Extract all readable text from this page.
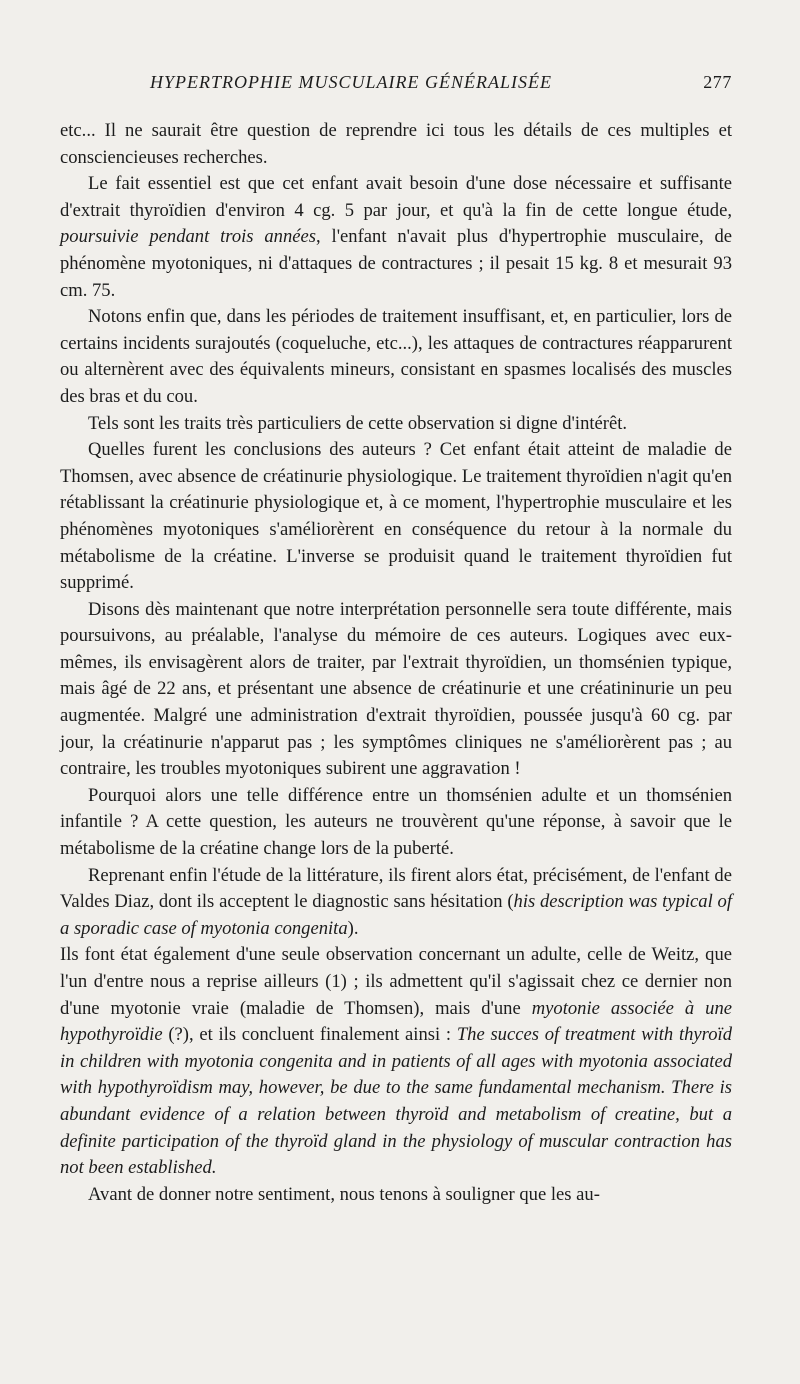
HYPERTROPHIE MUSCULAIRE GÉNÉRALISÉE	277

etc... Il ne saurait être question de reprendre ici tous les détails de ces multiples et consciencieuses recherches.

Le fait essentiel est que cet enfant avait besoin d'une dose nécessaire et suffisante d'extrait thyroïdien d'environ 4 cg. 5 par jour, et qu'à la fin de cette longue étude, poursuivie pendant trois années, l'enfant n'avait plus d'hypertrophie musculaire, de phénomène myotoniques, ni d'attaques de contractures ; il pesait 15 kg. 8 et mesurait 93 cm. 75.

Notons enfin que, dans les périodes de traitement insuffisant, et, en particulier, lors de certains incidents surajoutés (coqueluche, etc...), les attaques de contractures réapparurent ou alternèrent avec des équivalents mineurs, consistant en spasmes localisés des muscles des bras et du cou.

Tels sont les traits très particuliers de cette observation si digne d'intérêt.

Quelles furent les conclusions des auteurs ? Cet enfant était atteint de maladie de Thomsen, avec absence de créatinurie physiologique. Le traitement thyroïdien n'agit qu'en rétablissant la créatinurie physiologique et, à ce moment, l'hypertrophie musculaire et les phénomènes myotoniques s'améliorèrent en conséquence du retour à la normale du métabolisme de la créatine. L'inverse se produisit quand le traitement thyroïdien fut supprimé.

Disons dès maintenant que notre interprétation personnelle sera toute différente, mais poursuivons, au préalable, l'analyse du mémoire de ces auteurs. Logiques avec eux-mêmes, ils envisagèrent alors de traiter, par l'extrait thyroïdien, un thomsénien typique, mais âgé de 22 ans, et présentant une absence de créatinurie et une créatininurie un peu augmentée. Malgré une administration d'extrait thyroïdien, poussée jusqu'à 60 cg. par jour, la créatinurie n'apparut pas ; les symptômes cliniques ne s'améliorèrent pas ; au contraire, les troubles myotoniques subirent une aggravation !

Pourquoi alors une telle différence entre un thomsénien adulte et un thomsénien infantile ? A cette question, les auteurs ne trouvèrent qu'une réponse, à savoir que le métabolisme de la créatine change lors de la puberté.

Reprenant enfin l'étude de la littérature, ils firent alors état, précisément, de l'enfant de Valdes Diaz, dont ils acceptent le diagnostic sans hésitation (his description was typical of a sporadic case of myotonia congenita).

Ils font état également d'une seule observation concernant un adulte, celle de Weitz, que l'un d'entre nous a reprise ailleurs (1) ; ils admettent qu'il s'agissait chez ce dernier non d'une myotonie vraie (maladie de Thomsen), mais d'une myotonie associée à une hypothyroïdie (?), et ils concluent finalement ainsi : The succes of treatment with thyroïd in children with myotonia congenita and in patients of all ages with myotonia associated with hypothyroïdism may, however, be due to the same fundamental mechanism. There is abundant evidence of a relation between thyroïd and metabolism of creatine, but a definite participation of the thyroïd gland in the physiology of muscular contraction has not been established.

Avant de donner notre sentiment, nous tenons à souligner que les au-
